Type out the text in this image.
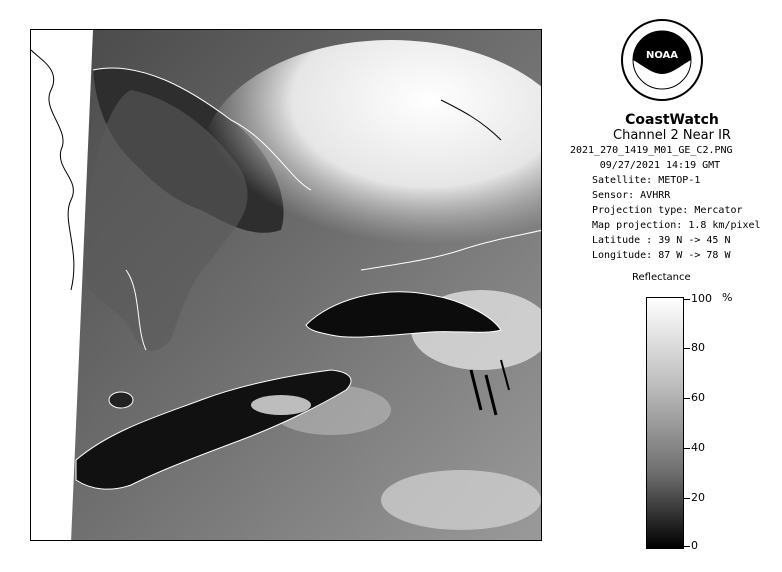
NOAA
CoastWatch
Channel 2 Near IR
2021_270_1419_M01_GE_C2.PNG
09/27/2021 14:19 GMT
Satellite: METOP-1
Sensor: AVHRR
Projection type: Mercator
Map projection: 1.8 km/pixel
Latitude : 39 N -> 45 N
Longitude: 87 W -> 78 W
Reflectance
%
100
80
60
40
20
0
